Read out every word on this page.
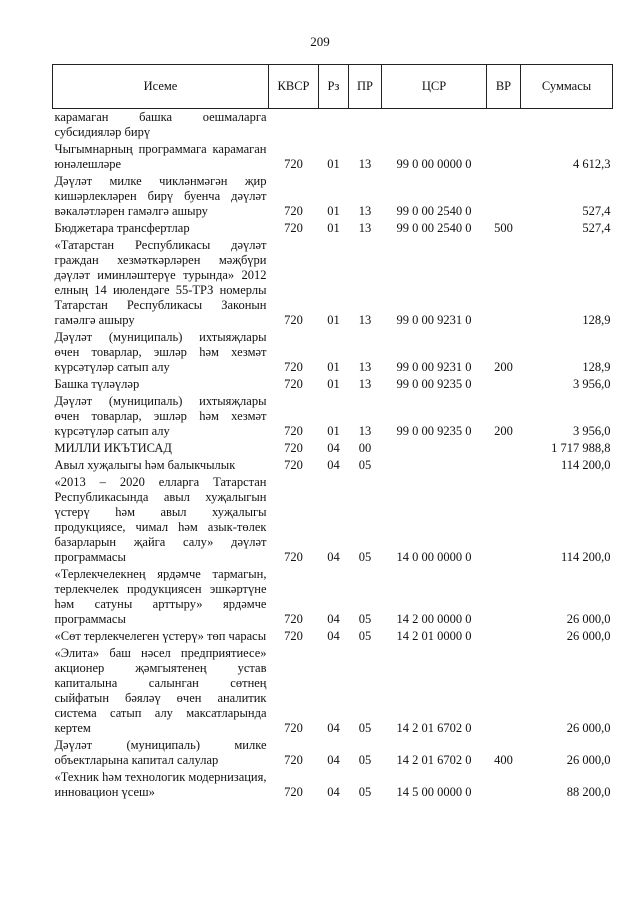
209
Исеме	КВСР	Рз	ПР	ЦСР	ВР	Суммасы
карамаган башка оешмаларга субсидияләр бирү						
Чыгымнарның программага карамаган юнәлешләре	720	01	13	99 0 00 0000 0		4 612,3
Дәүләт милке чикләнмәгән җир кишәрлекләрен бирү буенча дәүләт вәкаләтләрен гамәлгә ашыру	720	01	13	99 0 00 2540 0		527,4
Бюджетара трансфертлар	720	01	13	99 0 00 2540 0	500	527,4
«Татарстан Республикасы дәүләт граждан хезмәткәрләрен мәҗбүри дәүләт иминләштерүе турында» 2012 елның 14 июлендәге 55-ТРЗ номерлы Татарстан Республикасы Законын гамәлгә ашыру	720	01	13	99 0 00 9231 0		128,9
Дәүләт (муниципаль) ихтыяҗлары өчен товарлар, эшләр һәм хезмәт күрсәтүләр сатып алу	720	01	13	99 0 00 9231 0	200	128,9
Башка түләүләр	720	01	13	99 0 00 9235 0		3 956,0
Дәүләт (муниципаль) ихтыяҗлары өчен товарлар, эшләр һәм хезмәт күрсәтүләр сатып алу	720	01	13	99 0 00 9235 0	200	3 956,0
МИЛЛИ ИКЪТИСАД	720	04	00			1 717 988,8
Авыл хуҗалыгы һәм балыкчылык	720	04	05			114 200,0
«2013 – 2020 елларга Татарстан Республикасында авыл хуҗалыгын үстерү һәм авыл хуҗалыгы продукциясе, чимал һәм азык-төлек базарларын җайга салу» дәүләт программасы	720	04	05	14 0 00 0000 0		114 200,0
«Терлекчелекнең ярдәмче тармагын, терлекчелек продукциясен эшкәртүне һәм сатуны арттыру» ярдәмче программасы	720	04	05	14 2 00 0000 0		26 000,0
«Сөт терлекчелеген үстерү» төп чарасы	720	04	05	14 2 01 0000 0		26 000,0
«Элита» баш нәсел предприятиесе» акционер җәмгыятенең устав капиталына салынган сөтнең сыйфатын бәяләү өчен аналитик система сатып алу максатларында кертем	720	04	05	14 2 01 6702 0		26 000,0
Дәүләт (муниципаль) милке объектларына капитал салулар	720	04	05	14 2 01 6702 0	400	26 000,0
«Техник һәм технологик модернизация, инновацион үсеш»	720	04	05	14 5 00 0000 0		88 200,0
